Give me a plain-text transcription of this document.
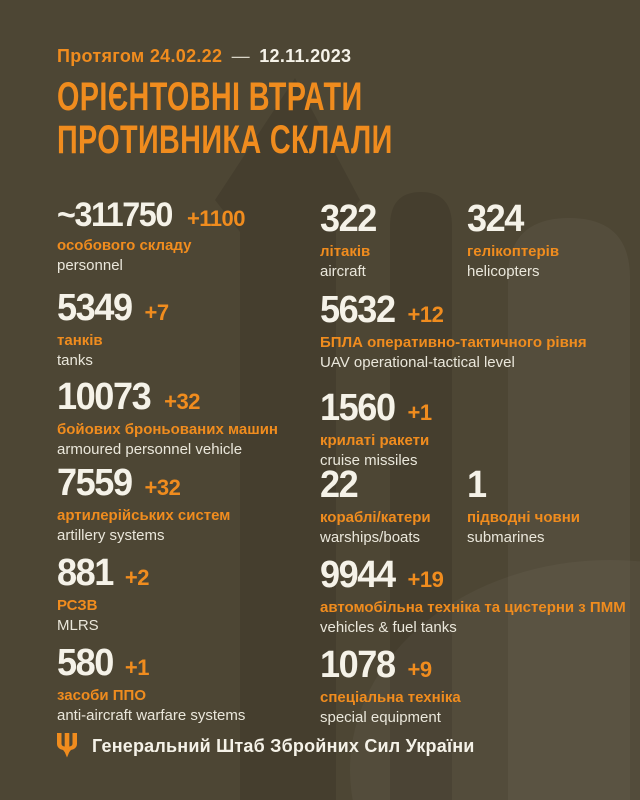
Протягом 24.02.22 — 12.11.2023
ОРІЄНТОВНІ ВТРАТИ
ПРОТИВНИКА СКЛАЛИ
~311750 +1100
особового складу
personnel
322
літаків
aircraft
324
гелікоптерів
helicopters
5349 +7
танків
tanks
5632 +12
БПЛА оперативно-тактичного рівня
UAV operational-tactical level
10073 +32
бойових броньованих машин
armoured personnel vehicle
1560 +1
крилаті ракети
cruise missiles
7559 +32
артилерійських систем
artillery systems
22
кораблі/катери
warships/boats
1
підводні човни
submarines
881 +2
РСЗВ
MLRS
9944 +19
автомобільна техніка та цистерни з ПММ
vehicles & fuel tanks
580 +1
засоби ППО
anti-aircraft warfare systems
1078 +9
спеціальна техніка
special equipment
Генеральний Штаб Збройних Сил України
